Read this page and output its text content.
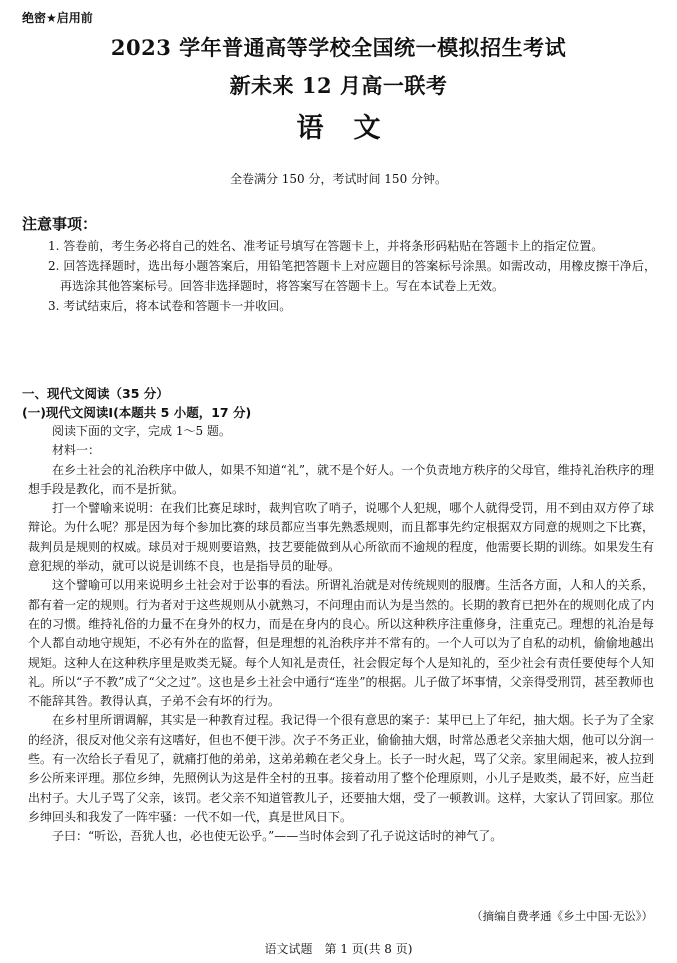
绝密★启用前
2023 学年普通高等学校全国统一模拟招生考试
新未来 12 月高一联考
语文
全卷满分 150 分，考试时间 150 分钟。
注意事项：

1. 答卷前，考生务必将自己的姓名、准考证号填写在答题卡上，并将条形码粘贴在答题卡上的指定位置。

2. 回答选择题时，选出每小题答案后，用铅笔把答题卡上对应题目的答案标号涂黑。如需改动，用橡皮擦干净后，再选涂其他答案标号。回答非选择题时，将答案写在答题卡上。写在本试卷上无效。

3. 考试结束后，将本试卷和答题卡一并收回。

一、现代文阅读（35 分）
(一)现代文阅读Ⅰ(本题共 5 小题，17 分)

阅读下面的文字，完成 1～5 题。

材料一：

在乡土社会的礼治秩序中做人，如果不知道“礼”，就不是个好人。一个负责地方秩序的父母官，维持礼治秩序的理想手段是教化，而不是折狱。

打一个譬喻来说明：在我们比赛足球时，裁判官吹了哨子，说哪个人犯规，哪个人就得受罚，用不到由双方停了球辩论。为什么呢？那是因为每个参加比赛的球员都应当事先熟悉规则，而且都事先约定根据双方同意的规则之下比赛，裁判员是规则的权威。球员对于规则要谙熟，技艺要能做到从心所欲而不逾规的程度，他需要长期的训练。如果发生有意犯规的举动，就可以说是训练不良，也是指导员的耻辱。

这个譬喻可以用来说明乡土社会对于讼事的看法。所谓礼治就是对传统规则的服膺。生活各方面，人和人的关系，都有着一定的规则。行为者对于这些规则从小就熟习，不问理由而认为是当然的。长期的教育已把外在的规则化成了内在的习惯。维持礼俗的力量不在身外的权力，而是在身内的良心。所以这种秩序注重修身，注重克己。理想的礼治是每个人都自动地守规矩，不必有外在的监督，但是理想的礼治秩序并不常有的。一个人可以为了自私的动机，偷偷地越出规矩。这种人在这种秩序里是败类无疑。每个人知礼是责任，社会假定每个人是知礼的，至少社会有责任要使每个人知礼。所以“子不教”成了“父之过”。这也是乡土社会中通行“连坐”的根据。儿子做了坏事情，父亲得受刑罚，甚至教师也不能辞其咎。教得认真，子弟不会有坏的行为。

在乡村里所谓调解，其实是一种教育过程。我记得一个很有意思的案子：某甲已上了年纪，抽大烟。长子为了全家的经济，很反对他父亲有这嗜好，但也不便干涉。次子不务正业，偷偷抽大烟，时常怂恿老父亲抽大烟，他可以分润一些。有一次给长子看见了，就痛打他的弟弟，这弟弟赖在老父身上。长子一时火起，骂了父亲。家里闹起来，被人拉到乡公所来评理。那位乡绅，先照例认为这是件全村的丑事。接着动用了整个伦理原则，小儿子是败类，最不好，应当赶出村子。大儿子骂了父亲，该罚。老父亲不知道管教儿子，还要抽大烟，受了一顿教训。这样，大家认了罚回家。那位乡绅回头和我发了一阵牢骚：一代不如一代，真是世风日下。

子曰：“听讼，吾犹人也，必也使无讼乎。”——当时体会到了孔子说这话时的神气了。

（摘编自费孝通《乡土中国·无讼》）
语文试题　第 1 页(共 8 页)
